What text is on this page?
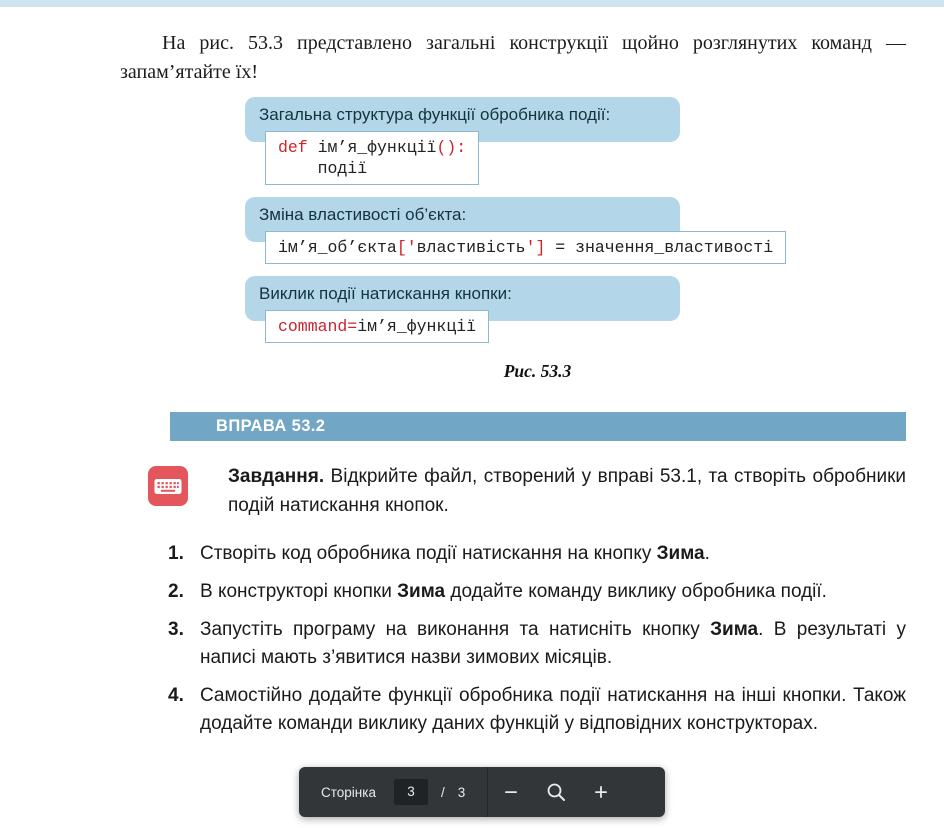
На рис. 53.3 представлено загальні конструкції щойно розглянутих команд — запам’ятайте їх!

Загальна структура функції обробника події:
def ім’я_функції():
події
Зміна властивості об’єкта:
ім’я_об’єкта['властивість'] = значення_властивості
Виклик події натискання кнопки:
command=ім’я_функції
Рис. 53.3
ВПРАВА 53.2

Завдання. Відкрийте файл, створений у вправі 53.1, та створіть обробники подій натискання кнопок.

1. Створіть код обробника події натискання на кнопку Зима.
2. В конструкторі кнопки Зима додайте команду виклику обробника події.
3. Запустіть програму на виконання та натисніть кнопку Зима. В результаті у написі мають з’явитися назви зимових місяців.
4. Самостійно додайте функції обробника події натискання на інші кнопки. Також додайте команди виклику даних функцій у відповідних конструкторах.
Сторінка	3	/ 3
